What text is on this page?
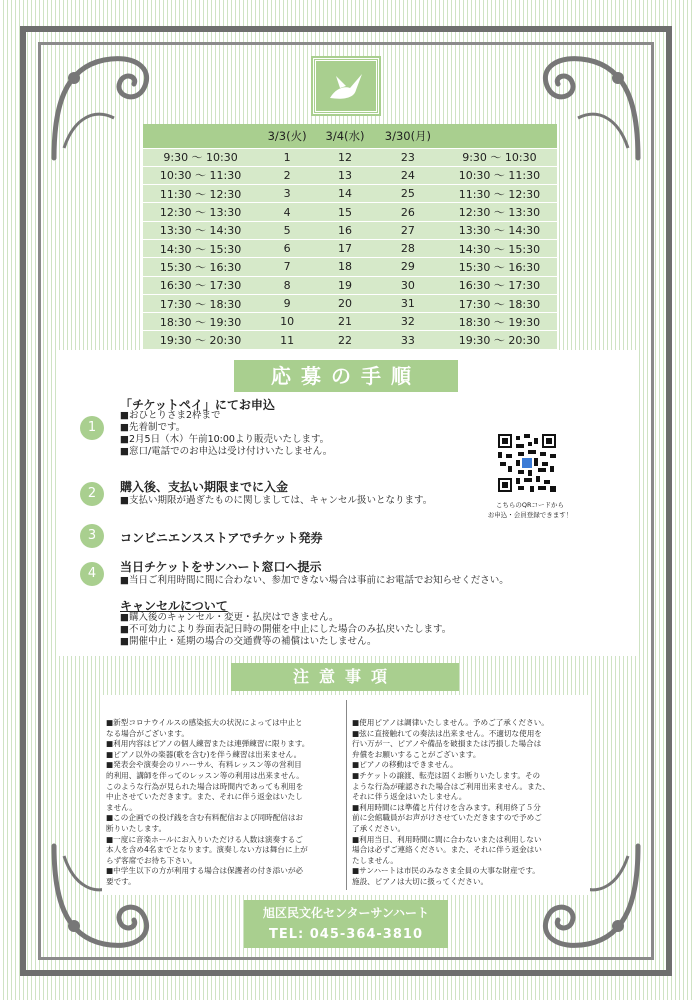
	3/3(火)	3/4(水)	3/30(月)	
9:30 〜 10:30	1	12	23	9:30 〜 10:30
10:30 〜 11:30	2	13	24	10:30 〜 11:30
11:30 〜 12:30	3	14	25	11:30 〜 12:30
12:30 〜 13:30	4	15	26	12:30 〜 13:30
13:30 〜 14:30	5	16	27	13:30 〜 14:30
14:30 〜 15:30	6	17	28	14:30 〜 15:30
15:30 〜 16:30	7	18	29	15:30 〜 16:30
16:30 〜 17:30	8	19	30	16:30 〜 17:30
17:30 〜 18:30	9	20	31	17:30 〜 18:30
18:30 〜 19:30	10	21	32	18:30 〜 19:30
19:30 〜 20:30	11	22	33	19:30 〜 20:30
応募の手順
1
「チケットペイ」にてお申込
■おひとりさま2枠まで
■先着制です。
■2月5日（木）午前10:00より販売いたします。
■窓口/電話でのお申込は受け付けいたしません。
2	購入後、支払い期限までに入金
■支払い期限が過ぎたものに関しましては、キャンセル扱いとなります。
3	コンビニエンスストアでチケット発券
4	当日チケットをサンハート窓口へ提示
■当日ご利用時間に間に合わない、参加できない場合は事前にお電話でお知らせください。
こちらのQRコードから
お申込・会員登録できます！
キャンセルについて
■購入後のキャンセル・変更・払戻はできません。
■不可効力により券面表記日時の開催を中止にした場合のみ払戻いたします。
■開催中止・延期の場合の交通費等の補償はいたしません。
注意事項
■新型コロナウイルスの感染拡大の状況によっては中止と
なる場合がございます。
■利用内容はピアノの個人練習または連弾練習に限ります。
■ピアノ以外の楽器(歌を含む)を伴う練習は出来ません。
■発表会や演奏会のリハーサル、有料レッスン等の営利目
的利用、講師を伴ってのレッスン等の利用は出来ません。
このような行為が見られた場合は時間内であっても利用を
中止させていただきます。また、それに伴う返金はいたし
ません。
■この企画での投げ銭を含む有料配信および同時配信はお
断りいたします。
■一度に音楽ホールにお入りいただける人数は演奏するご
本人を含め4名までとなります。演奏しない方は舞台に上が
らず客席でお待ち下さい。
■中学生以下の方が利用する場合は保護者の付き添いが必
要です。
■使用ピアノは調律いたしません。予めご了承ください。
■弦に直接触れての奏法は出来ません。不適切な使用を
行い万が一、ピアノや備品を破損または汚損した場合は
弁償をお願いすることがございます。
■ピアノの移動はできません。
■チケットの譲渡、転売は固くお断りいたします。その
ような行為が確認された場合はご利用出来ません。また、
それに伴う返金はいたしません。
■利用時間には準備と片付けを含みます。利用終了５分
前に会館職員がお声がけさせていただきますので予めご
了承ください。
■利用当日、利用時間に間に合わないまたは利用しない
場合は必ずご連絡ください。また、それに伴う返金はい
たしません。
■サンハートは市民のみなさま全員の大事な財産です。
施設、ピアノは大切に扱ってください。
旭区民文化センターサンハート
TEL: 045-364-3810
